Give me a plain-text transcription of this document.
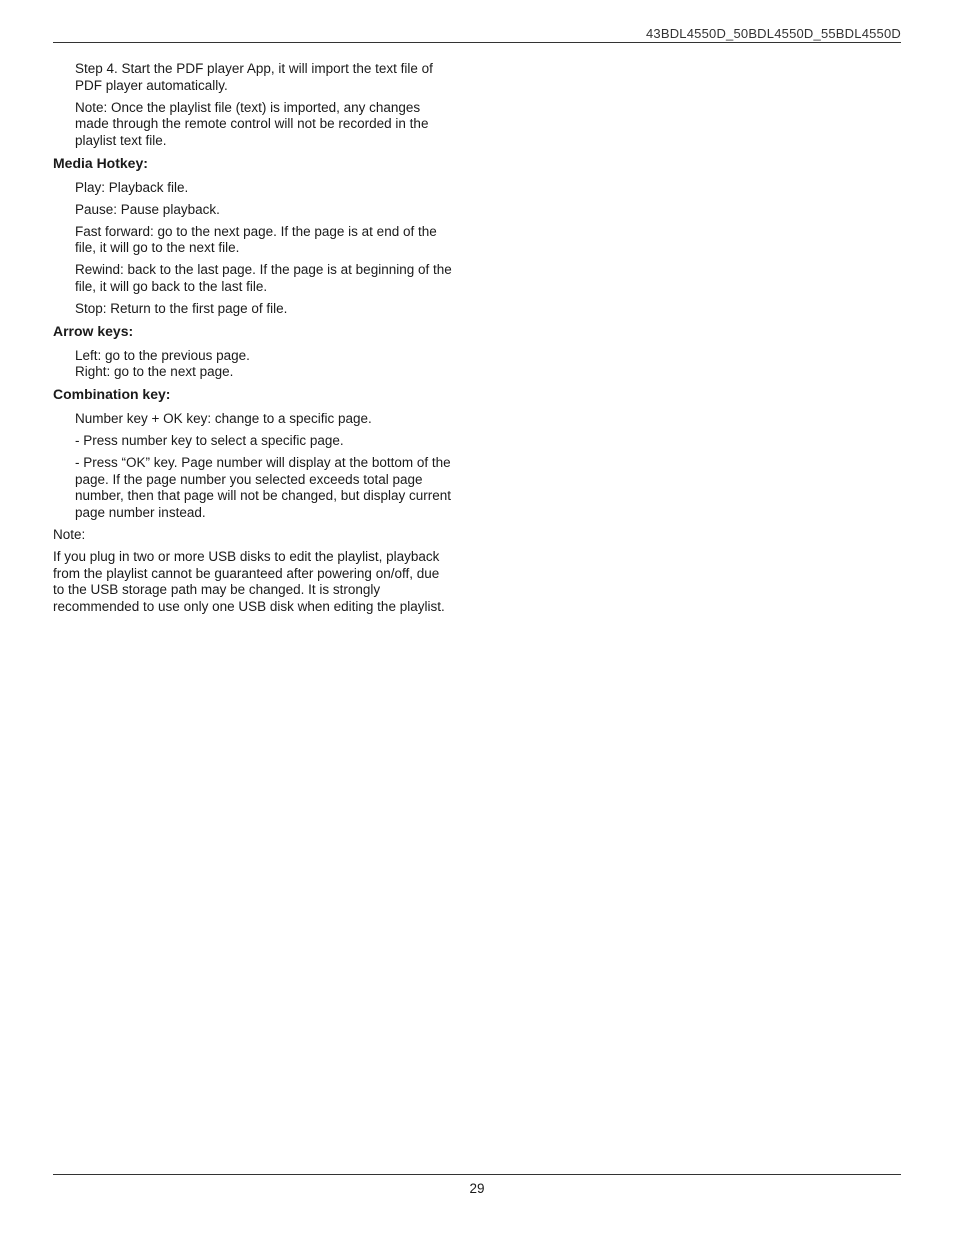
43BDL4550D_50BDL4550D_55BDL4550D

Step 4. Start the PDF player App, it will import the text file of PDF player automatically.

Note: Once the playlist file (text) is imported, any changes made through the remote control will not be recorded in the playlist text file.

Media Hotkey:

Play: Playback file.

Pause: Pause playback.

Fast forward: go to the next page. If the page is at end of the file, it will go to the next file.

Rewind: back to the last page. If the page is at beginning of the file, it will go back to the last file.

Stop: Return to the first page of file.

Arrow keys:

Left: go to the previous page.

Right: go to the next page.

Combination key:

Number key + OK key: change to a specific page.

- Press number key to select a specific page.

- Press “OK” key. Page number will display at the bottom of the page. If the page number you selected exceeds total page number, then that page will not be changed, but display current page number instead.

Note:

If you plug in two or more USB disks to edit the playlist, playback from the playlist cannot be guaranteed after powering on/off, due to the USB storage path may be changed. It is strongly recommended to use only one USB disk when editing the playlist.

29
